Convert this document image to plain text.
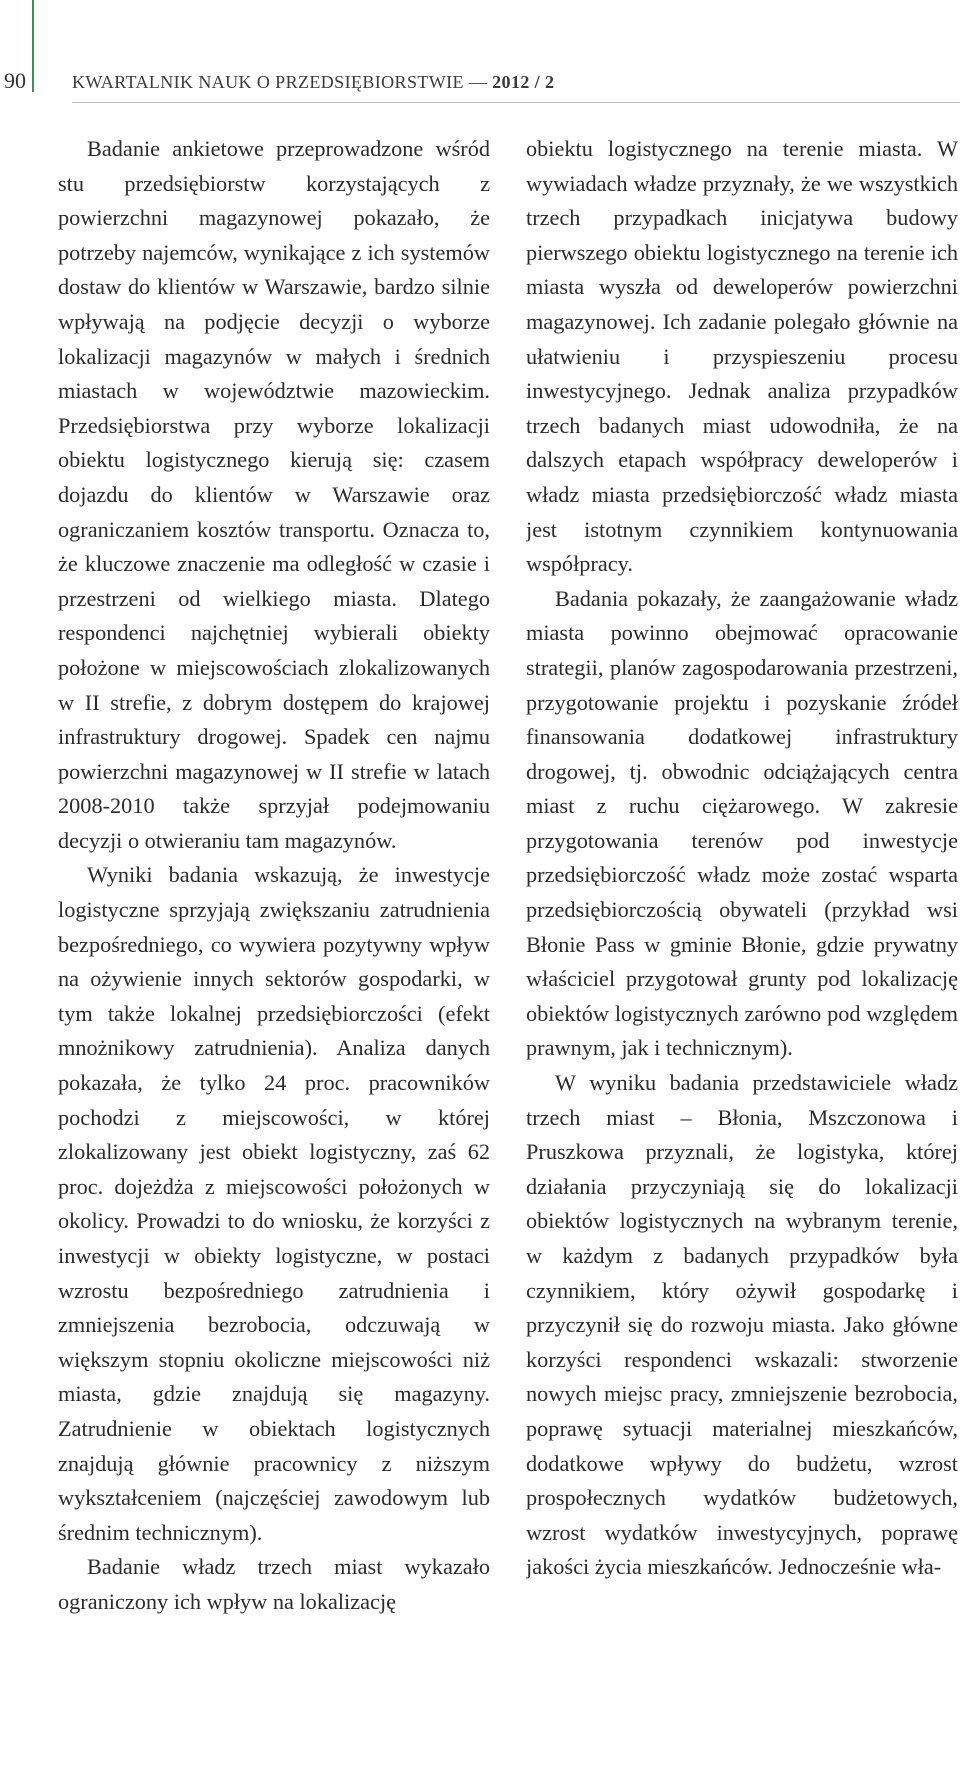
90	KWARTALNIK NAUK O PRZEDSIĘBIORSTWIE — 2012 / 2

Badanie ankietowe przeprowadzone wśród stu przedsiębiorstw korzystających z powierzchni magazynowej pokazało, że potrzeby najemców, wynikające z ich systemów dostaw do klientów w Warszawie, bardzo silnie wpływają na podjęcie decyzji o wyborze lokalizacji magazynów w małych i średnich miastach w województwie mazowieckim. Przedsiębiorstwa przy wyborze lokalizacji obiektu logistycznego kierują się: czasem dojazdu do klientów w Warszawie oraz ograniczaniem kosztów transportu. Oznacza to, że kluczowe znaczenie ma odległość w czasie i przestrzeni od wielkiego miasta. Dlatego respondenci najchętniej wybierali obiekty położone w miejscowościach zlokalizowanych w II strefie, z dobrym dostępem do krajowej infrastruktury drogowej. Spadek cen najmu powierzchni magazynowej w II strefie w latach 2008-2010 także sprzyjał podejmowaniu decyzji o otwieraniu tam magazynów.

Wyniki badania wskazują, że inwestycje logistyczne sprzyjają zwiększaniu zatrudnienia bezpośredniego, co wywiera pozytywny wpływ na ożywienie innych sektorów gospodarki, w tym także lokalnej przedsiębiorczości (efekt mnożnikowy zatrudnienia). Analiza danych pokazała, że tylko 24 proc. pracowników pochodzi z miejscowości, w której zlokalizowany jest obiekt logistyczny, zaś 62 proc. dojeżdża z miejscowości położonych w okolicy. Prowadzi to do wniosku, że korzyści z inwestycji w obiekty logistyczne, w postaci wzrostu bezpośredniego zatrudnienia i zmniejszenia bezrobocia, odczuwają w większym stopniu okoliczne miejscowości niż miasta, gdzie znajdują się magazyny. Zatrudnienie w obiektach logistycznych znajdują głównie pracownicy z niższym wykształceniem (najczęściej zawodowym lub średnim technicznym).

Badanie władz trzech miast wykazało ograniczony ich wpływ na lokalizację

obiektu logistycznego na terenie miasta. W wywiadach władze przyznały, że we wszystkich trzech przypadkach inicjatywa budowy pierwszego obiektu logistycznego na terenie ich miasta wyszła od deweloperów powierzchni magazynowej. Ich zadanie polegało głównie na ułatwieniu i przyspieszeniu procesu inwestycyjnego. Jednak analiza przypadków trzech badanych miast udowodniła, że na dalszych etapach współpracy deweloperów i władz miasta przedsiębiorczość władz miasta jest istotnym czynnikiem kontynuowania współpracy.

Badania pokazały, że zaangażowanie władz miasta powinno obejmować opracowanie strategii, planów zagospodarowania przestrzeni, przygotowanie projektu i pozyskanie źródeł finansowania dodatkowej infrastruktury drogowej, tj. obwodnic odciążających centra miast z ruchu ciężarowego. W zakresie przygotowania terenów pod inwestycje przedsiębiorczość władz może zostać wsparta przedsiębiorczością obywateli (przykład wsi Błonie Pass w gminie Błonie, gdzie prywatny właściciel przygotował grunty pod lokalizację obiektów logistycznych zarówno pod względem prawnym, jak i technicznym).

W wyniku badania przedstawiciele władz trzech miast – Błonia, Mszczonowa i Pruszkowa przyznali, że logistyka, której działania przyczyniają się do lokalizacji obiektów logistycznych na wybranym terenie, w każdym z badanych przypadków była czynnikiem, który ożywił gospodarkę i przyczynił się do rozwoju miasta. Jako główne korzyści respondenci wskazali: stworzenie nowych miejsc pracy, zmniejszenie bezrobocia, poprawę sytuacji materialnej mieszkańców, dodatkowe wpływy do budżetu, wzrost prospołecznych wydatków budżetowych, wzrost wydatków inwestycyjnych, poprawę jakości życia mieszkańców. Jednocześnie wła-
